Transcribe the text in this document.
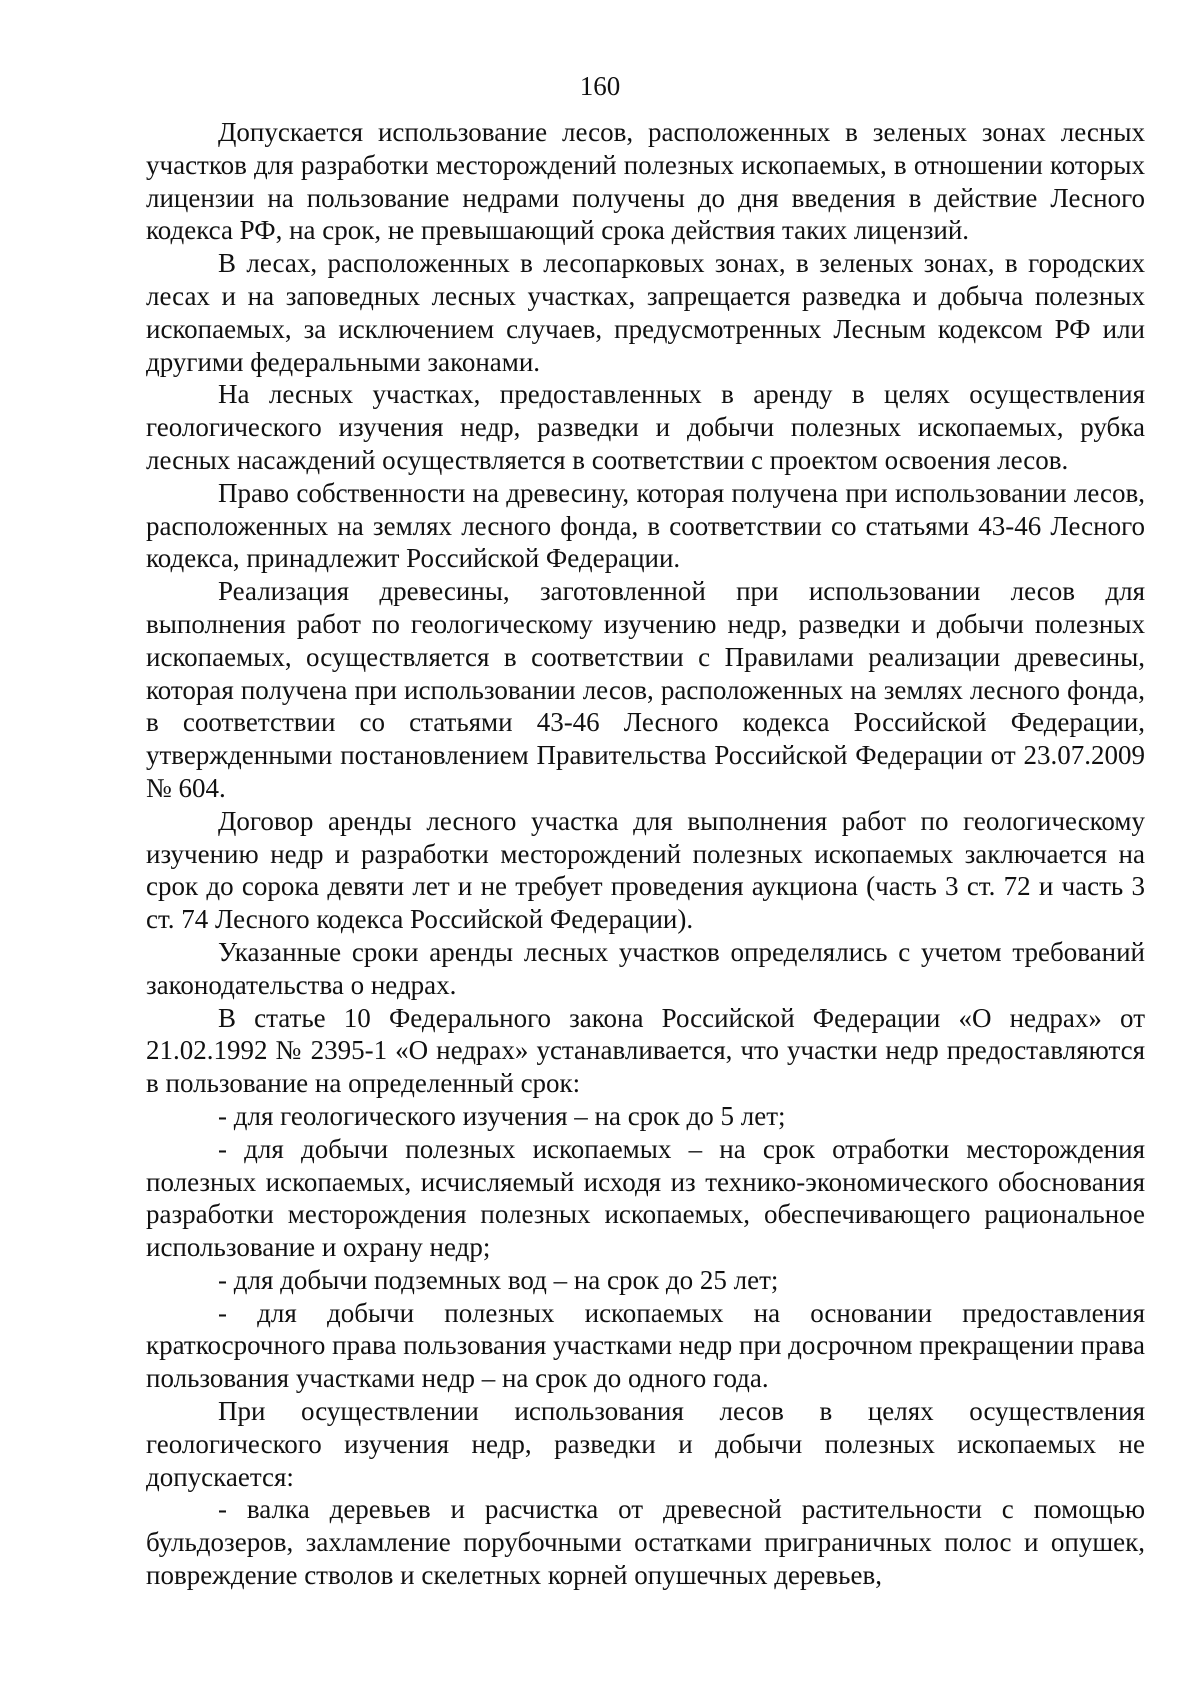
160

Допускается использование лесов, расположенных в зеленых зонах лесных участков для разработки месторождений полезных ископаемых, в отношении которых лицензии на пользование недрами получены до дня введения в действие Лесного кодекса РФ, на срок, не превышающий срока действия таких лицензий.

В лесах, расположенных в лесопарковых зонах, в зеленых зонах, в городских лесах и на заповедных лесных участках, запрещается разведка и добыча полезных ископаемых, за исключением случаев, предусмотренных Лесным кодексом РФ или другими федеральными законами.

На лесных участках, предоставленных в аренду в целях осуществления геологического изучения недр, разведки и добычи полезных ископаемых, рубка лесных насаждений осуществляется в соответствии с проектом освоения лесов.

Право собственности на древесину, которая получена при использовании лесов, расположенных на землях лесного фонда, в соответствии со статьями 43-46 Лесного кодекса, принадлежит Российской Федерации.

Реализация древесины, заготовленной при использовании лесов для выполнения работ по геологическому изучению недр, разведки и добычи полезных ископаемых, осуществляется в соответствии с Правилами реализации древесины, которая получена при использовании лесов, расположенных на землях лесного фонда, в соответствии со статьями 43-46 Лесного кодекса Российской Федерации, утвержденными постановлением Правительства Российской Федерации от 23.07.2009 № 604.

Договор аренды лесного участка для выполнения работ по геологическому изучению недр и разработки месторождений полезных ископаемых заключается на срок до сорока девяти лет и не требует проведения аукциона (часть 3 ст. 72 и часть 3 ст. 74 Лесного кодекса Российской Федерации).

Указанные сроки аренды лесных участков определялись с учетом требований законодательства о недрах.

В статье 10 Федерального закона Российской Федерации «О недрах» от 21.02.1992 № 2395-1 «О недрах» устанавливается, что участки недр предоставляются в пользование на определенный срок:

- для геологического изучения – на срок до 5 лет;

- для добычи полезных ископаемых – на срок отработки месторождения полезных ископаемых, исчисляемый исходя из технико-экономического обоснования разработки месторождения полезных ископаемых, обеспечивающего рациональное использование и охрану недр;

- для добычи подземных вод – на срок до 25 лет;

- для добычи полезных ископаемых на основании предоставления краткосрочного права пользования участками недр при досрочном прекращении права пользования участками недр – на срок до одного года.

При осуществлении использования лесов в целях осуществления геологического изучения недр, разведки и добычи полезных ископаемых не допускается:

- валка деревьев и расчистка от древесной растительности с помощью бульдозеров, захламление порубочными остатками приграничных полос и опушек, повреждение стволов и скелетных корней опушечных деревьев,
